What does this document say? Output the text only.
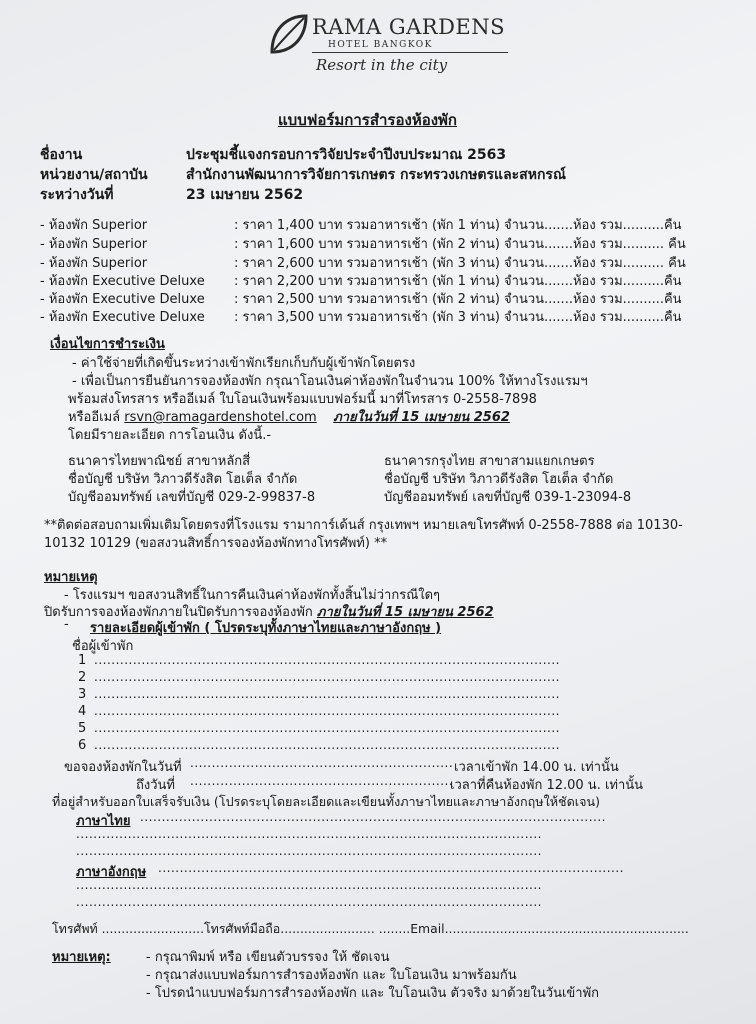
RAMA GARDENS
HOTEL BANGKOK
Resort in the city
แบบฟอร์มการสำรองห้องพัก
ชื่องาน	ประชุมชี้แจงกรอบการวิจัยประจำปีงบประมาณ 2563
หน่วยงาน/สถาบัน	สำนักงานพัฒนาการวิจัยการเกษตร กระทรวงเกษตรและสหกรณ์
ระหว่างวันที่	23 เมษายน 2562
- ห้องพัก Superior	: ราคา 1,400 บาท รวมอาหารเช้า (พัก 1 ท่าน) จำนวน.......ห้อง รวม..........คืน
- ห้องพัก Superior	: ราคา 1,600 บาท รวมอาหารเช้า (พัก 2 ท่าน) จำนวน.......ห้อง รวม.......... คืน
- ห้องพัก Superior	: ราคา 2,600 บาท รวมอาหารเช้า (พัก 3 ท่าน) จำนวน.......ห้อง รวม.......... คืน
- ห้องพัก Executive Deluxe : ราคา 2,200 บาท รวมอาหารเช้า (พัก 1 ท่าน) จำนวน.......ห้อง รวม..........คืน
- ห้องพัก Executive Deluxe : ราคา 2,500 บาท รวมอาหารเช้า (พัก 2 ท่าน) จำนวน.......ห้อง รวม..........คืน
- ห้องพัก Executive Deluxe : ราคา 3,500 บาท รวมอาหารเช้า (พัก 3 ท่าน) จำนวน.......ห้อง รวม..........คืน
เงื่อนไขการชำระเงิน
- ค่าใช้จ่ายที่เกิดขึ้นระหว่างเข้าพักเรียกเก็บกับผู้เข้าพักโดยตรง
- เพื่อเป็นการยืนยันการจองห้องพัก กรุณาโอนเงินค่าห้องพักในจำนวน 100% ให้ทางโรงแรมฯ
พร้อมส่งโทรสาร หรืออีเมล์ ใบโอนเงินพร้อมแบบฟอร์มนี้ มาที่โทรสาร 0-2558-7898
หรืออีเมล์ rsvn@ramagardenshotel.com ภายในวันที่ 15 เมษายน 2562
โดยมีรายละเอียด การโอนเงิน ดังนี้.-
ธนาคารไทยพาณิชย์ สาขาหลักสี่
ชื่อบัญชี บริษัท วิภาวดีรังสิต โฮเต็ล จำกัด
บัญชีออมทรัพย์ เลขที่บัญชี 029-2-99837-8
ธนาคารกรุงไทย สาขาสามแยกเกษตร
ชื่อบัญชี บริษัท วิภาวดีรังสิต โฮเต็ล จำกัด
บัญชีออมทรัพย์ เลขที่บัญชี 039-1-23094-8
**ติดต่อสอบถามเพิ่มเติมโดยตรงที่โรงแรม รามาการ์เด้นส์ กรุงเทพฯ หมายเลขโทรศัพท์ 0-2558-7888 ต่อ 10130-
10132 10129 (ขอสงวนสิทธิ์การจองห้องพักทางโทรศัพท์) **
หมายเหตุ
- โรงแรมฯ ขอสงวนสิทธิ์ในการคืนเงินค่าห้องพักทั้งสิ้นไม่ว่ากรณีใดๆ
ปิดรับการจองห้องพักภายในปิดรับการจองห้องพัก ภายในวันที่ 15 เมษายน 2562
- รายละเอียดผู้เข้าพัก ( โปรดระบุทั้งภาษาไทยและภาษาอังกฤษ )
ชื่อผู้เข้าพัก
1 ............................................................................................................
2 ............................................................................................................
3 ............................................................................................................
4 ............................................................................................................
5 ............................................................................................................
6 ............................................................................................................
ขอจองห้องพักในวันที่ ............................................................. เวลาเข้าพัก 14.00 น. เท่านั้น
ถึงวันที่ .............................................................
เวลาที่คืนห้องพัก 12.00 น. เท่านั้น
ที่อยู่สำหรับออกใบเสร็จรับเงิน (โปรดระบุโดยละเอียดและเขียนทั้งภาษาไทยและภาษาอังกฤษให้ชัดเจน)
ภาษาไทย ............................................................................................................
............................................................................................................
............................................................................................................
ภาษาอังกฤษ ............................................................................................................
............................................................................................................
............................................................................................................
โทรศัพท์ ..........................โทรศัพท์มือถือ........................ ........Email..............................................................
หมายเหตุ:	- กรุณาพิมพ์ หรือ เขียนตัวบรรจง ให้ ชัดเจน
- กรุณาส่งแบบฟอร์มการสำรองห้องพัก และ ใบโอนเงิน มาพร้อมกัน
- โปรดนำแบบฟอร์มการสำรองห้องพัก และ ใบโอนเงิน ตัวจริง มาด้วยในวันเข้าพัก
